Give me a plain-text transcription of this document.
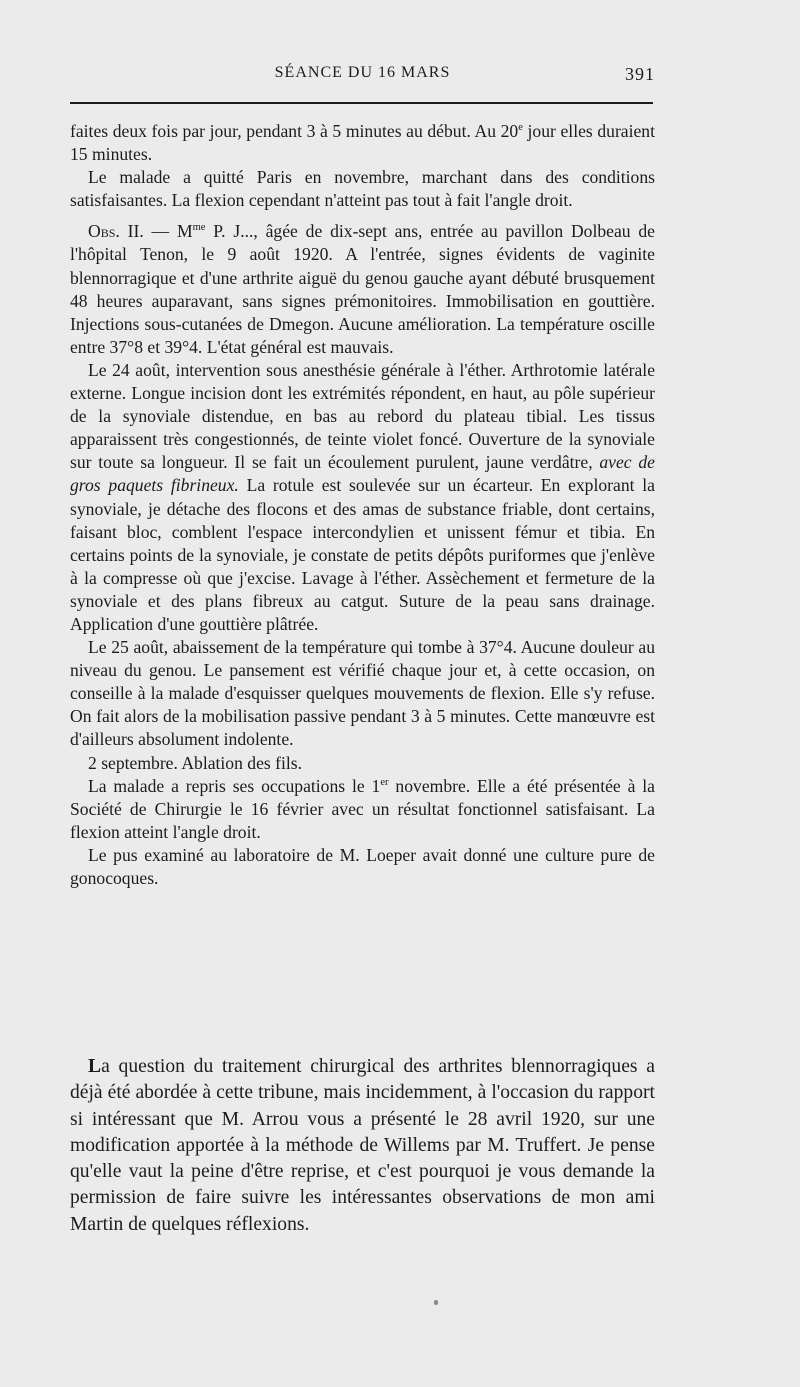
SÉANCE DU 16 MARS	391

faites deux fois par jour, pendant 3 à 5 minutes au début. Au 20e jour elles duraient 15 minutes.

Le malade a quitté Paris en novembre, marchant dans des conditions satisfaisantes. La flexion cependant n'atteint pas tout à fait l'angle droit.

Obs. II. — $M^{me}$ P. J..., âgée de dix-sept ans, entrée au pavillon Dolbeau de l'hôpital Tenon, le 9 août 1920. A l'entrée, signes évidents de vaginite blennorragique et d'une arthrite aiguë du genou gauche ayant débuté brusquement 48 heures auparavant, sans signes prémonitoires. Immobilisation en gouttière. Injections sous-cutanées de Dmegon. Aucune amélioration. La température oscille entre 37°8 et 39°4. L'état général est mauvais.

Le 24 août, intervention sous anesthésie générale à l'éther. Arthrotomie latérale externe. Longue incision dont les extrémités répondent, en haut, au pôle supérieur de la synoviale distendue, en bas au rebord du plateau tibial. Les tissus apparaissent très congestionnés, de teinte violet foncé. Ouverture de la synoviale sur toute sa longueur. Il se fait un écoulement purulent, jaune verdâtre, avec de gros paquets fibrineux. La rotule est soulevée sur un écarteur. En explorant la synoviale, je détache des flocons et des amas de substance friable, dont certains, faisant bloc, comblent l'espace intercondylien et unissent fémur et tibia. En certains points de la synoviale, je constate de petits dépôts puriformes que j'enlève à la compresse où que j'excise. Lavage à l'éther. Assèchement et fermeture de la synoviale et des plans fibreux au catgut. Suture de la peau sans drainage. Application d'une gouttière plâtrée.

Le 25 août, abaissement de la température qui tombe à 37°4. Aucune douleur au niveau du genou. Le pansement est vérifié chaque jour et, à cette occasion, on conseille à la malade d'esquisser quelques mouvements de flexion. Elle s'y refuse. On fait alors de la mobilisation passive pendant 3 à 5 minutes. Cette manœuvre est d'ailleurs absolument indolente.

2 septembre. Ablation des fils.

La malade a repris ses occupations le 1er novembre. Elle a été présentée à la Société de Chirurgie le 16 février avec un résultat fonctionnel satisfaisant. La flexion atteint l'angle droit.

Le pus examiné au laboratoire de M. Loeper avait donné une culture pure de gonocoques.

La question du traitement chirurgical des arthrites blennorragiques a déjà été abordée à cette tribune, mais incidemment, à l'occasion du rapport si intéressant que M. Arrou vous a présenté le 28 avril 1920, sur une modification apportée à la méthode de Willems par M. Truffert. Je pense qu'elle vaut la peine d'être reprise, et c'est pourquoi je vous demande la permission de faire suivre les intéressantes observations de mon ami Martin de quelques réflexions.
